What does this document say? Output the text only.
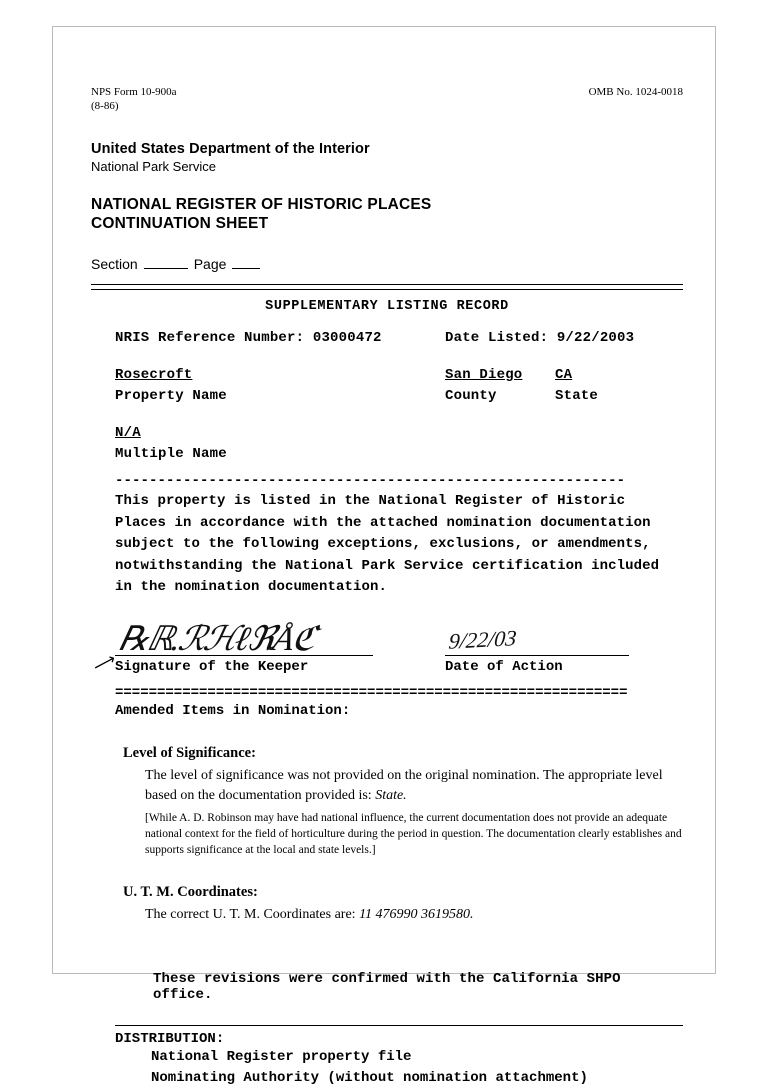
NPS Form 10-900a
(8-86)
OMB No. 1024-0018
United States Department of the Interior
National Park Service
NATIONAL REGISTER OF HISTORIC PLACES
CONTINUATION SHEET
Section	Page
SUPPLEMENTARY LISTING RECORD
NRIS Reference Number: 03000472	Date Listed: 9/22/2003
Rosecroft	San Diego	CA
Property Name	County	State
N/A
Multiple Name
------------------------------------------------------------
This property is listed in the National Register of Historic
Places in accordance with the attached nomination documentation
subject to the following exceptions, exclusions, or amendments,
notwithstanding the National Park Service certification included
in the nomination documentation.
⟶
℞ℝ.ℛℋℓℜÅℭ
Signature of the Keeper
9/22/03
Date of Action
=============================================================
Amended Items in Nomination:
Level of Significance:
The level of significance was not provided on the original nomination. The appropriate level based on the documentation provided is: State.
[While A. D. Robinson may have had national influence, the current documentation does not provide an adequate national context for the field of horticulture during the period in question. The documentation clearly establishes and supports significance at the local and state levels.]
U. T. M. Coordinates:
The correct U. T. M. Coordinates are: 11 476990 3619580.
These revisions were confirmed with the California SHPO office.
DISTRIBUTION:
National Register property file
Nominating Authority (without nomination attachment)
